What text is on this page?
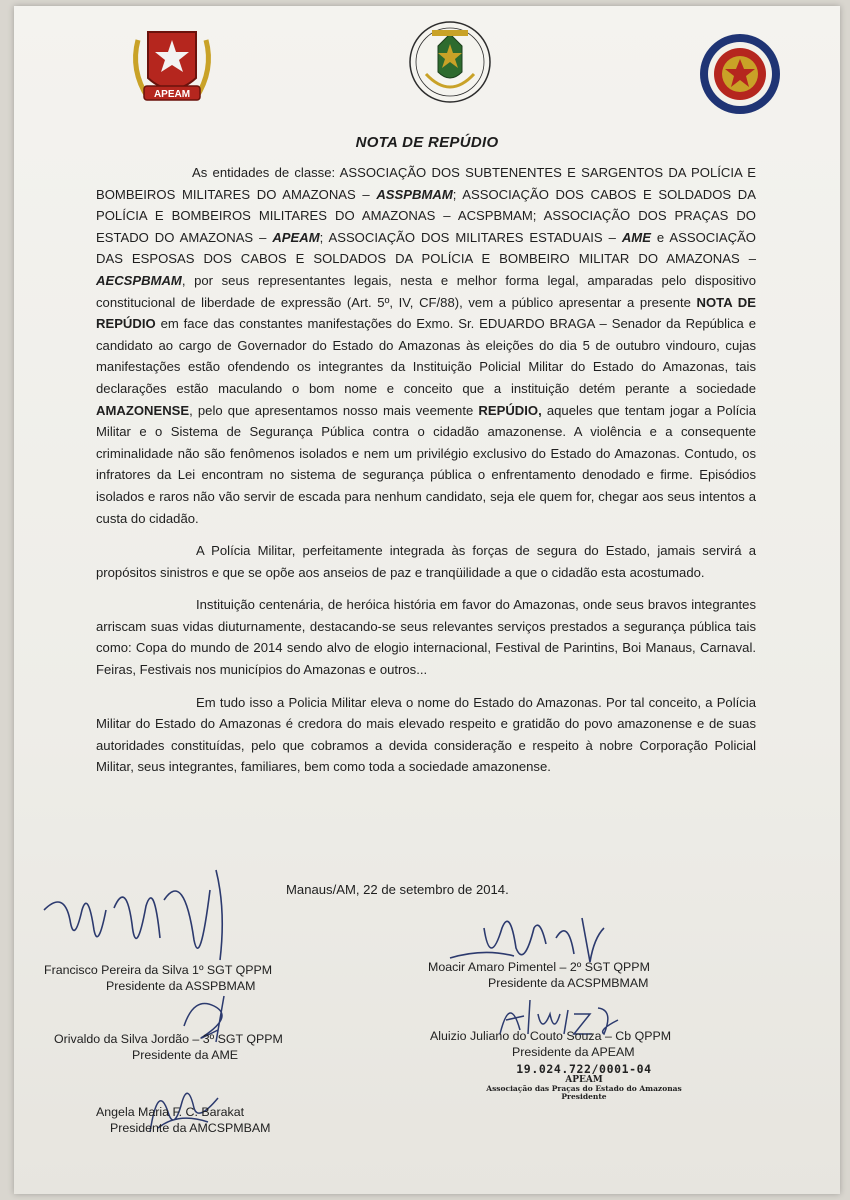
APEAM
NOTA DE REPÚDIO

As entidades de classe: ASSOCIAÇÃO DOS SUBTENENTES E SARGENTOS DA POLÍCIA E BOMBEIROS MILITARES DO AMAZONAS – ASSPBMAM; ASSOCIAÇÃO DOS CABOS E SOLDADOS DA POLÍCIA E BOMBEIROS MILITARES DO AMAZONAS – ACSPBMAM; ASSOCIAÇÃO DOS PRAÇAS DO ESTADO DO AMAZONAS – APEAM; ASSOCIAÇÃO DOS MILITARES ESTADUAIS – AME e ASSOCIAÇÃO DAS ESPOSAS DOS CABOS E SOLDADOS DA POLÍCIA E BOMBEIRO MILITAR DO AMAZONAS – AECSPBMAM, por seus representantes legais, nesta e melhor forma legal, amparadas pelo dispositivo constitucional de liberdade de expressão (Art. 5º, IV, CF/88), vem a público apresentar a presente NOTA DE REPÚDIO em face das constantes manifestações do Exmo. Sr. EDUARDO BRAGA – Senador da República e candidato ao cargo de Governador do Estado do Amazonas às eleições do dia 5 de outubro vindouro, cujas manifestações estão ofendendo os integrantes da Instituição Policial Militar do Estado do Amazonas, tais declarações estão maculando o bom nome e conceito que a instituição detém perante a sociedade AMAZONENSE, pelo que apresentamos nosso mais veemente REPÚDIO, aqueles que tentam jogar a Polícia Militar e o Sistema de Segurança Pública contra o cidadão amazonense. A violência e a consequente criminalidade não são fenômenos isolados e nem um privilégio exclusivo do Estado do Amazonas. Contudo, os infratores da Lei encontram no sistema de segurança pública o enfrentamento denodado e firme. Episódios isolados e raros não vão servir de escada para nenhum candidato, seja ele quem for, chegar aos seus intentos a custa do cidadão.

A Polícia Militar, perfeitamente integrada às forças de segura do Estado, jamais servirá a propósitos sinistros e que se opõe aos anseios de paz e tranqüilidade a que o cidadão esta acostumado.

Instituição centenária, de heróica história em favor do Amazonas, onde seus bravos integrantes arriscam suas vidas diuturnamente, destacando-se seus relevantes serviços prestados a segurança pública tais como: Copa do mundo de 2014 sendo alvo de elogio internacional, Festival de Parintins, Boi Manaus, Carnaval. Feiras, Festivais nos municípios do Amazonas e outros...

Em tudo isso a Policia Militar eleva o nome do Estado do Amazonas. Por tal conceito, a Polícia Militar do Estado do Amazonas é credora do mais elevado respeito e gratidão do povo amazonense e de suas autoridades constituídas, pelo que cobramos a devida consideração e respeito à nobre Corporação Policial Militar, seus integrantes, familiares, bem como toda a sociedade amazonense.

Manaus/AM, 22 de setembro de 2014.
Francisco Pereira da Silva 1º SGT QPPM
Presidente da ASSPBMAM
Orivaldo da Silva Jordão – 3º SGT QPPM
Presidente da AME
Angela Maria F. C. Barakat
Presidente da AMCSPMBAM
Moacir Amaro Pimentel – 2º SGT QPPM
Presidente da ACSPMBMAM
Aluizio Juliano do Couto Souza – Cb QPPM
Presidente da APEAM
19.024.722/0001-04
APEAM
Associação das Praças do Estado do Amazonas
Presidente
